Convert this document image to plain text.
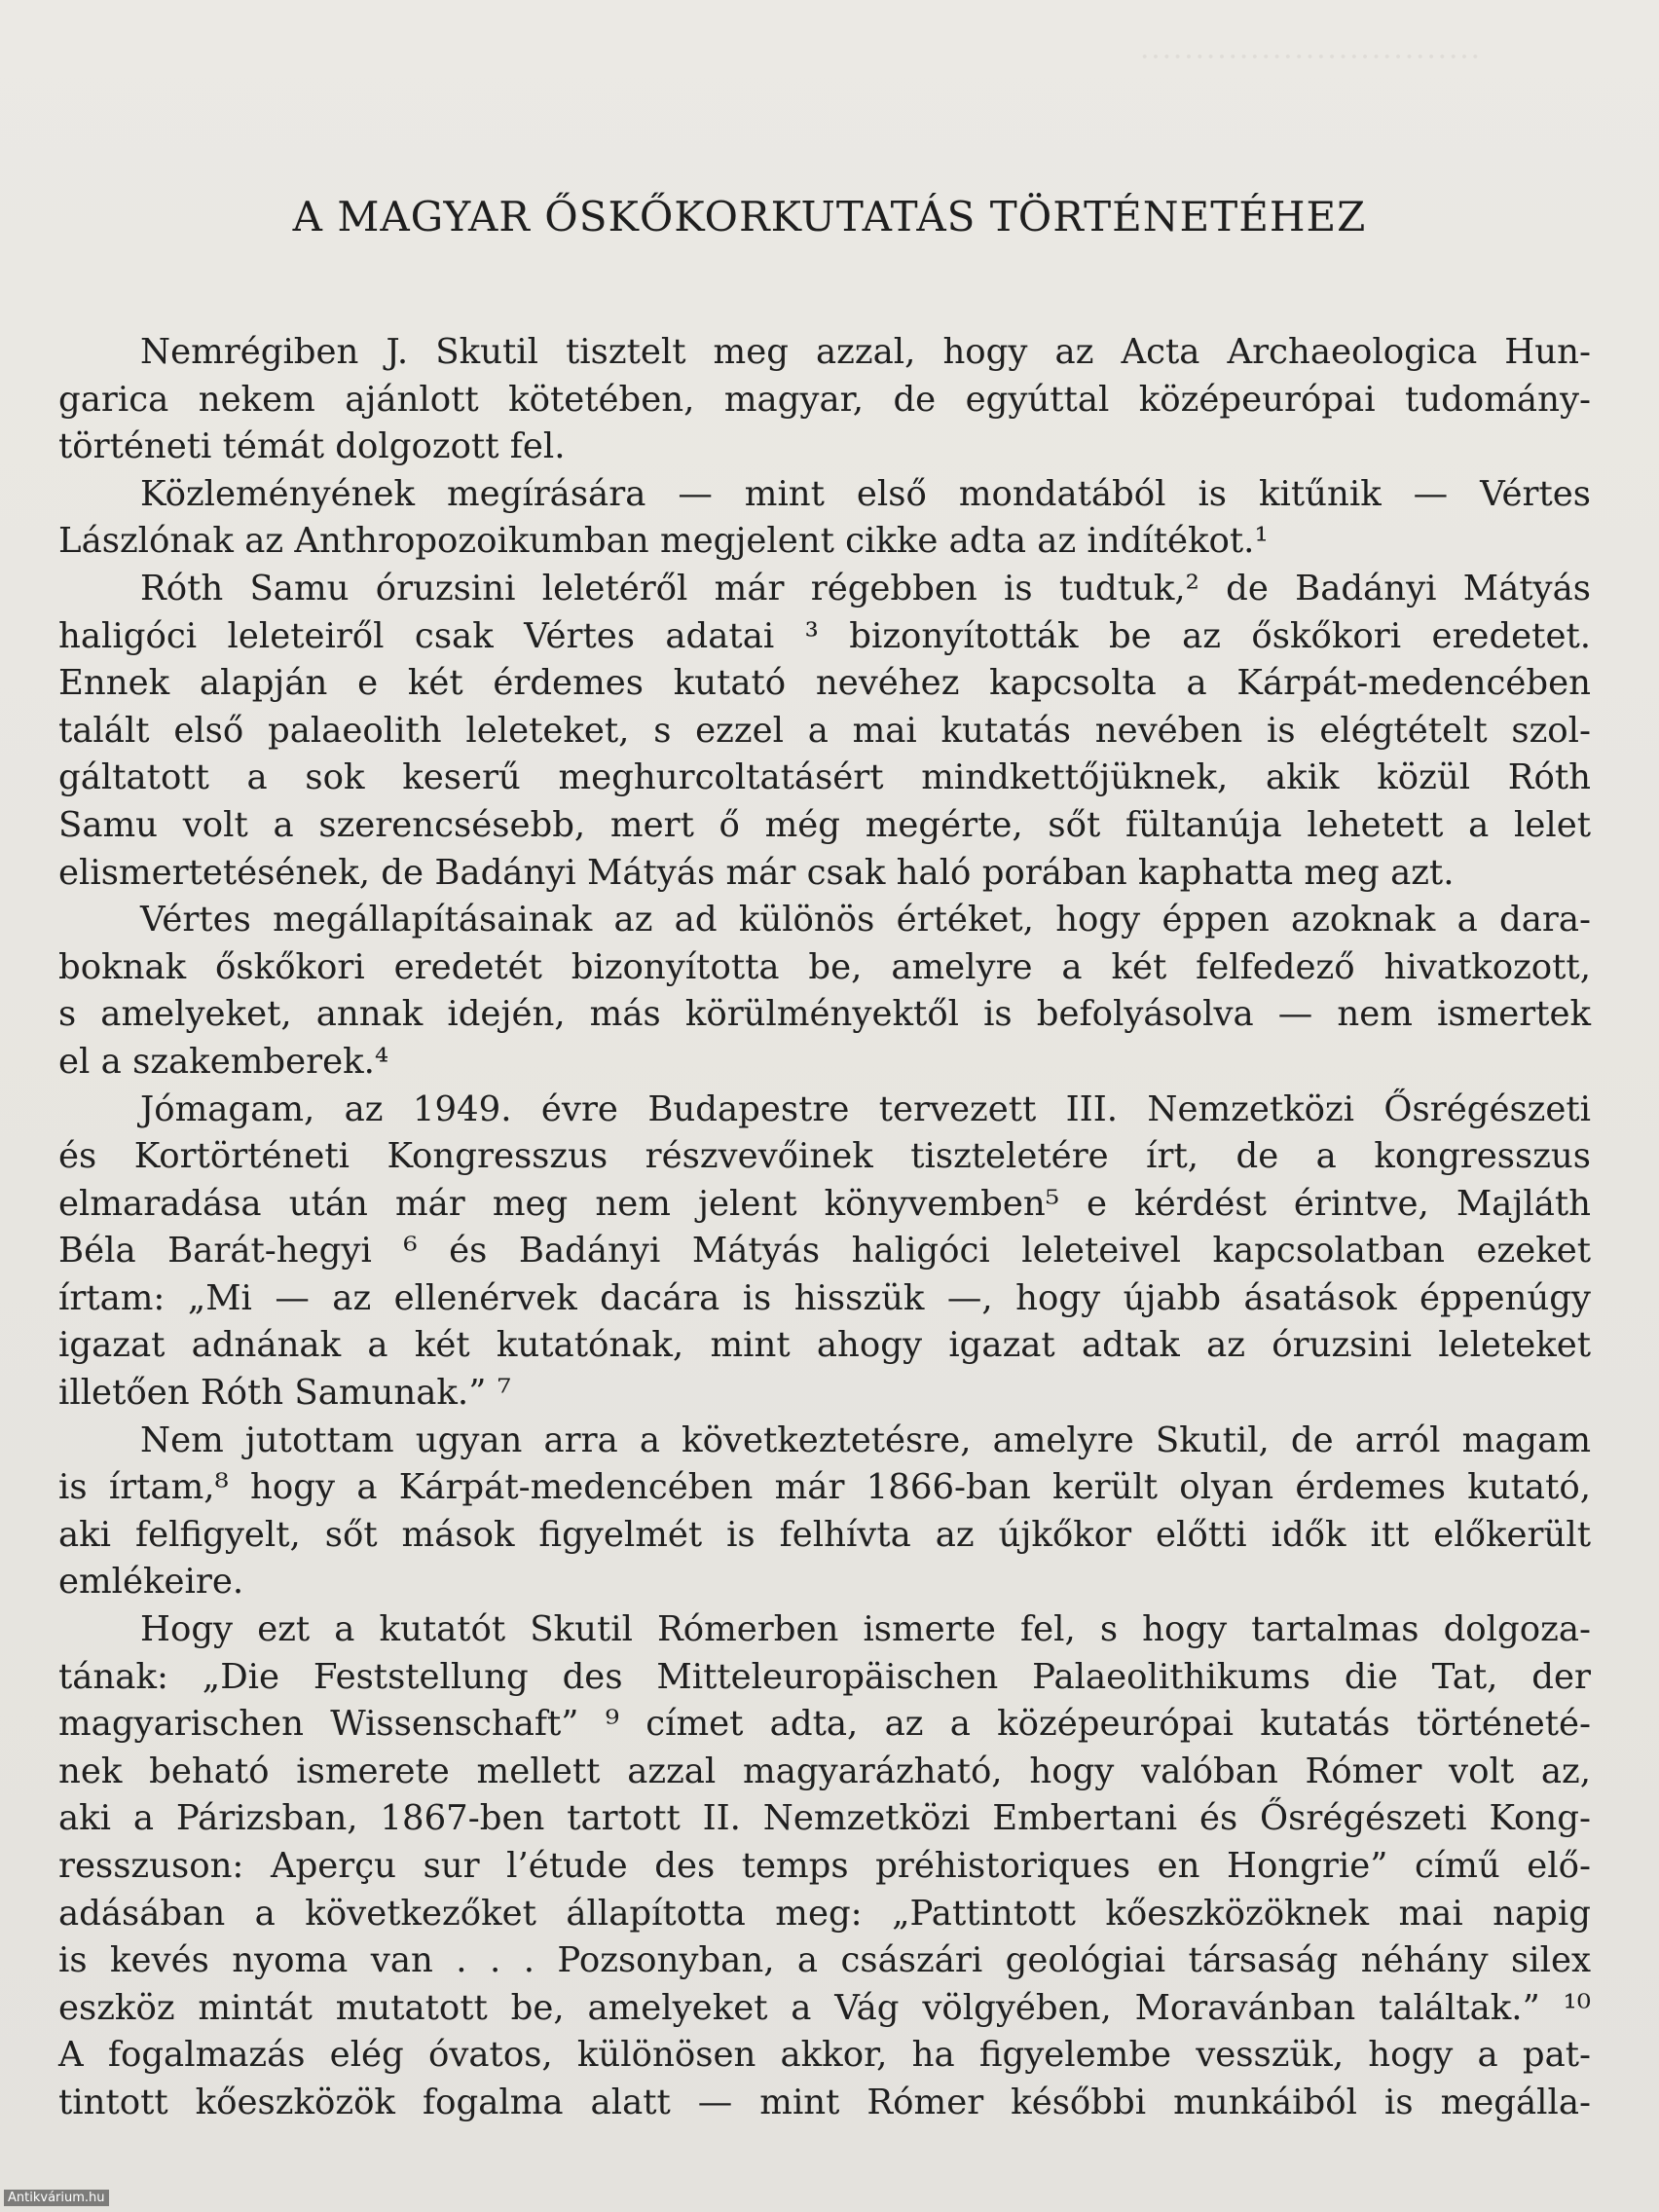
·······························
A MAGYAR ŐSKŐKORKUTATÁS TÖRTÉNETÉHEZ
Nemrégiben J. Skutil tisztelt meg azzal, hogy az Acta Archaeologica Hun-
garica nekem ajánlott kötetében, magyar, de egyúttal középeurópai tudomány-
történeti témát dolgozott fel.
Közleményének megírására — mint első mondatából is kitűnik — Vértes
Lászlónak az Anthropozoikumban megjelent cikke adta az indítékot.¹
Róth Samu óruzsini leletéről már régebben is tudtuk,² de Badányi Mátyás
haligóci leleteiről csak Vértes adatai ³ bizonyították be az őskőkori eredetet.
Ennek alapján e két érdemes kutató nevéhez kapcsolta a Kárpát-medencében
talált első palaeolith leleteket, s ezzel a mai kutatás nevében is elégtételt szol-
gáltatott a sok keserű meghurcoltatásért mindkettőjüknek, akik közül Róth
Samu volt a szerencsésebb, mert ő még megérte, sőt fültanúja lehetett a lelet
elismertetésének, de Badányi Mátyás már csak haló porában kaphatta meg azt.
Vértes megállapításainak az ad különös értéket, hogy éppen azoknak a dara-
boknak őskőkori eredetét bizonyította be, amelyre a két felfedező hivatkozott,
s amelyeket, annak idején, más körülményektől is befolyásolva — nem ismertek
el a szakemberek.⁴
Jómagam, az 1949. évre Budapestre tervezett III. Nemzetközi Ősrégészeti
és Kortörténeti Kongresszus részvevőinek tiszteletére írt, de a kongresszus
elmaradása után már meg nem jelent könyvemben⁵ e kérdést érintve, Majláth
Béla Barát-hegyi ⁶ és Badányi Mátyás haligóci leleteivel kapcsolatban ezeket
írtam: „Mi — az ellenérvek dacára is hisszük —, hogy újabb ásatások éppenúgy
igazat adnának a két kutatónak, mint ahogy igazat adtak az óruzsini leleteket
illetően Róth Samunak.” ⁷
Nem jutottam ugyan arra a következtetésre, amelyre Skutil, de arról magam
is írtam,⁸ hogy a Kárpát-medencében már 1866-ban került olyan érdemes kutató,
aki felfigyelt, sőt mások figyelmét is felhívta az újkőkor előtti idők itt előkerült
emlékeire.
Hogy ezt a kutatót Skutil Rómerben ismerte fel, s hogy tartalmas dolgoza-
tának: „Die Feststellung des Mitteleuropäischen Palaeolithikums die Tat, der
magyarischen Wissenschaft” ⁹ címet adta, az a középeurópai kutatás történeté-
nek beható ismerete mellett azzal magyarázható, hogy valóban Rómer volt az,
aki a Párizsban, 1867-ben tartott II. Nemzetközi Embertani és Ősrégészeti Kong-
resszuson: Aperçu sur l’étude des temps préhistoriques en Hongrie” című elő-
adásában a következőket állapította meg: „Pattintott kőeszközöknek mai napig
is kevés nyoma van . . . Pozsonyban, a császári geológiai társaság néhány silex
eszköz mintát mutatott be, amelyeket a Vág völgyében, Moravánban találtak.” ¹⁰
A fogalmazás elég óvatos, különösen akkor, ha figyelembe vesszük, hogy a pat-
tintott kőeszközök fogalma alatt — mint Rómer későbbi munkáiból is megálla-
Antikvárium.hu
